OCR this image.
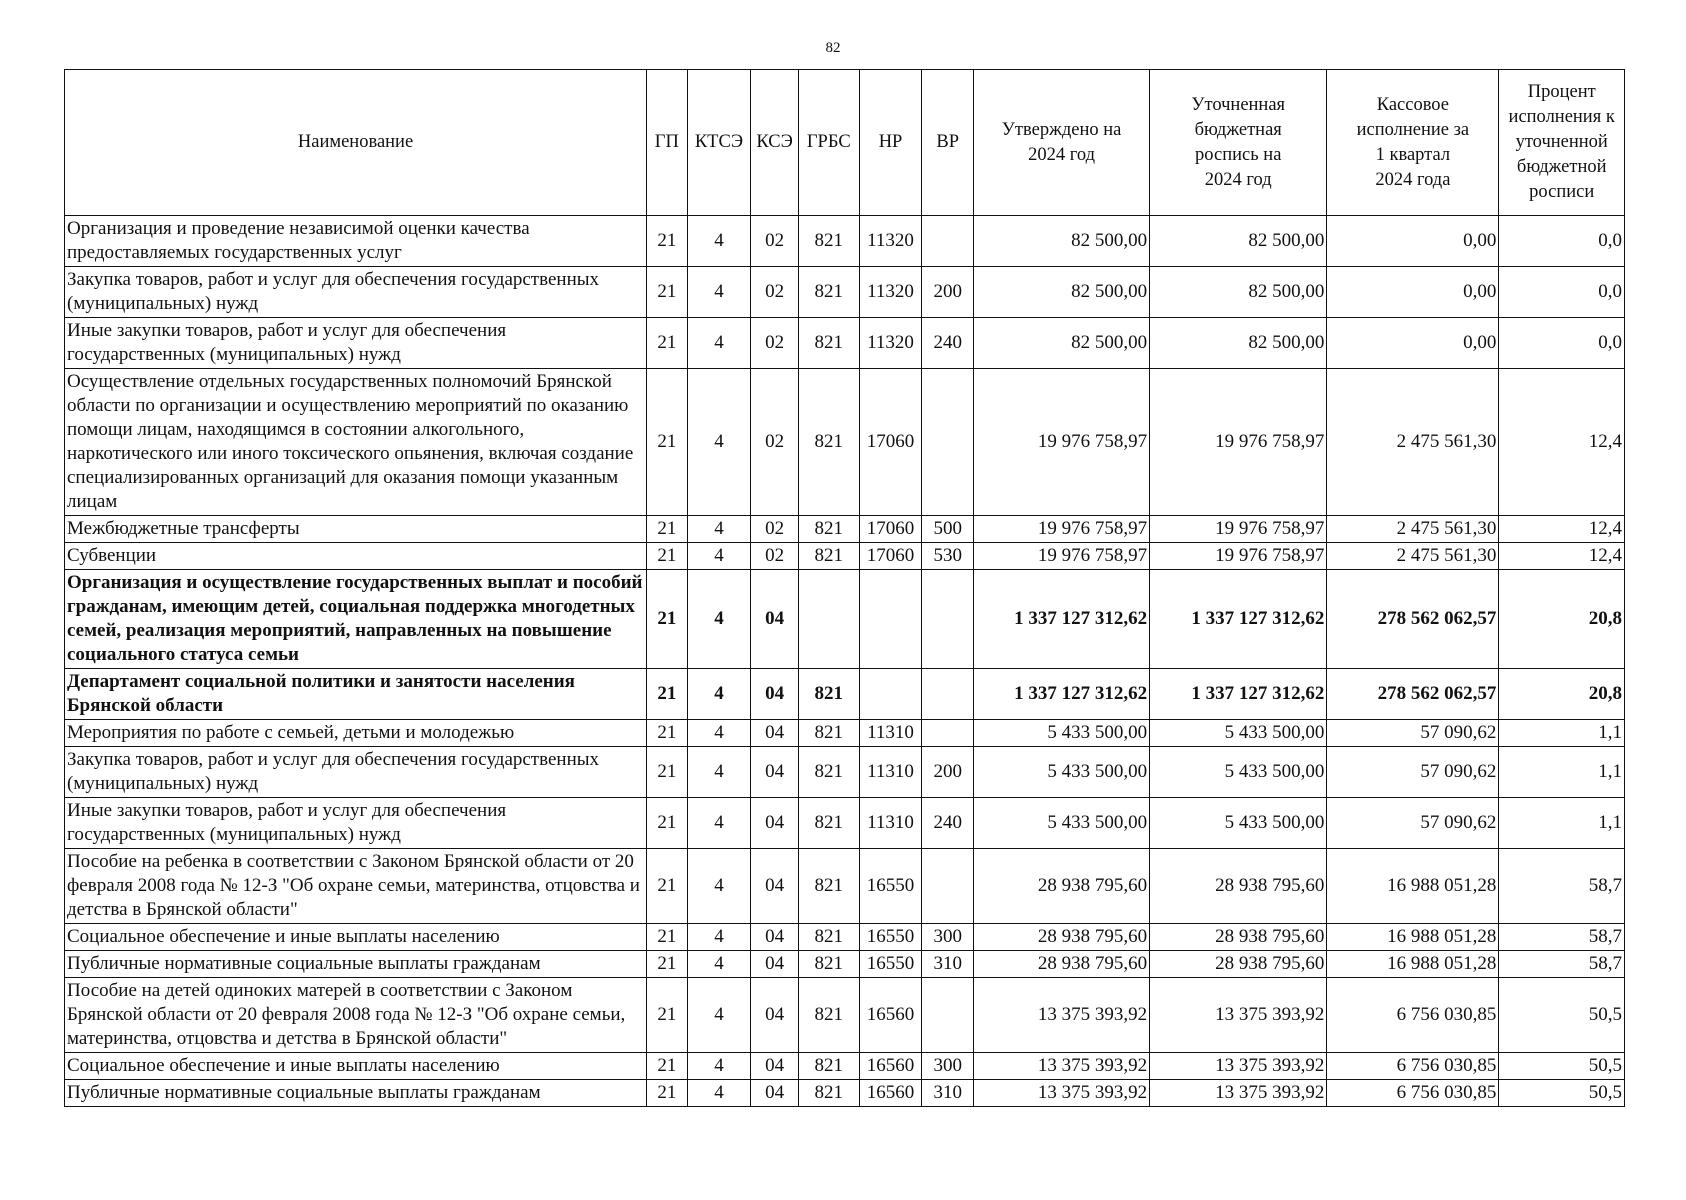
82
Наименование	ГП	КТСЭ	КСЭ	ГРБС	НР	ВР	Утверждено на 2024 год	Уточненная бюджетная роспись на 2024 год	Кассовое исполнение за 1 квартал 2024 года	Процент исполнения к уточненной бюджетной росписи
Организация и проведение независимой оценки качества предоставляемых государственных услуг	21	4	02	821	11320		82 500,00	82 500,00	0,00	0,0
Закупка товаров, работ и услуг для обеспечения государственных (муниципальных) нужд	21	4	02	821	11320	200	82 500,00	82 500,00	0,00	0,0
Иные закупки товаров, работ и услуг для обеспечения государственных (муниципальных) нужд	21	4	02	821	11320	240	82 500,00	82 500,00	0,00	0,0
Осуществление отдельных государственных полномочий Брянской области по организации и осуществлению мероприятий по оказанию помощи лицам, находящимся в состоянии алкогольного, наркотического или иного токсического опьянения, включая создание специализированных организаций для оказания помощи указанным лицам	21	4	02	821	17060		19 976 758,97	19 976 758,97	2 475 561,30	12,4
Межбюджетные трансферты	21	4	02	821	17060	500	19 976 758,97	19 976 758,97	2 475 561,30	12,4
Субвенции	21	4	02	821	17060	530	19 976 758,97	19 976 758,97	2 475 561,30	12,4
Организация и осуществление государственных выплат и пособий гражданам, имеющим детей, социальная поддержка многодетных семей, реализация мероприятий, направленных на повышение социального статуса семьи	21	4	04				1 337 127 312,62	1 337 127 312,62	278 562 062,57	20,8
Департамент социальной политики и занятости населения Брянской области	21	4	04	821			1 337 127 312,62	1 337 127 312,62	278 562 062,57	20,8
Мероприятия по работе с семьей, детьми и молодежью	21	4	04	821	11310		5 433 500,00	5 433 500,00	57 090,62	1,1
Закупка товаров, работ и услуг для обеспечения государственных (муниципальных) нужд	21	4	04	821	11310	200	5 433 500,00	5 433 500,00	57 090,62	1,1
Иные закупки товаров, работ и услуг для обеспечения государственных (муниципальных) нужд	21	4	04	821	11310	240	5 433 500,00	5 433 500,00	57 090,62	1,1
Пособие на ребенка в соответствии с Законом Брянской области от 20 февраля 2008 года № 12-З "Об охране семьи, материнства, отцовства и детства в Брянской области"	21	4	04	821	16550		28 938 795,60	28 938 795,60	16 988 051,28	58,7
Социальное обеспечение и иные выплаты населению	21	4	04	821	16550	300	28 938 795,60	28 938 795,60	16 988 051,28	58,7
Публичные нормативные социальные выплаты гражданам	21	4	04	821	16550	310	28 938 795,60	28 938 795,60	16 988 051,28	58,7
Пособие на детей одиноких матерей в соответствии с Законом Брянской области от 20 февраля 2008 года № 12-З "Об охране семьи, материнства, отцовства и детства в Брянской области"	21	4	04	821	16560		13 375 393,92	13 375 393,92	6 756 030,85	50,5
Социальное обеспечение и иные выплаты населению	21	4	04	821	16560	300	13 375 393,92	13 375 393,92	6 756 030,85	50,5
Публичные нормативные социальные выплаты гражданам	21	4	04	821	16560	310	13 375 393,92	13 375 393,92	6 756 030,85	50,5
